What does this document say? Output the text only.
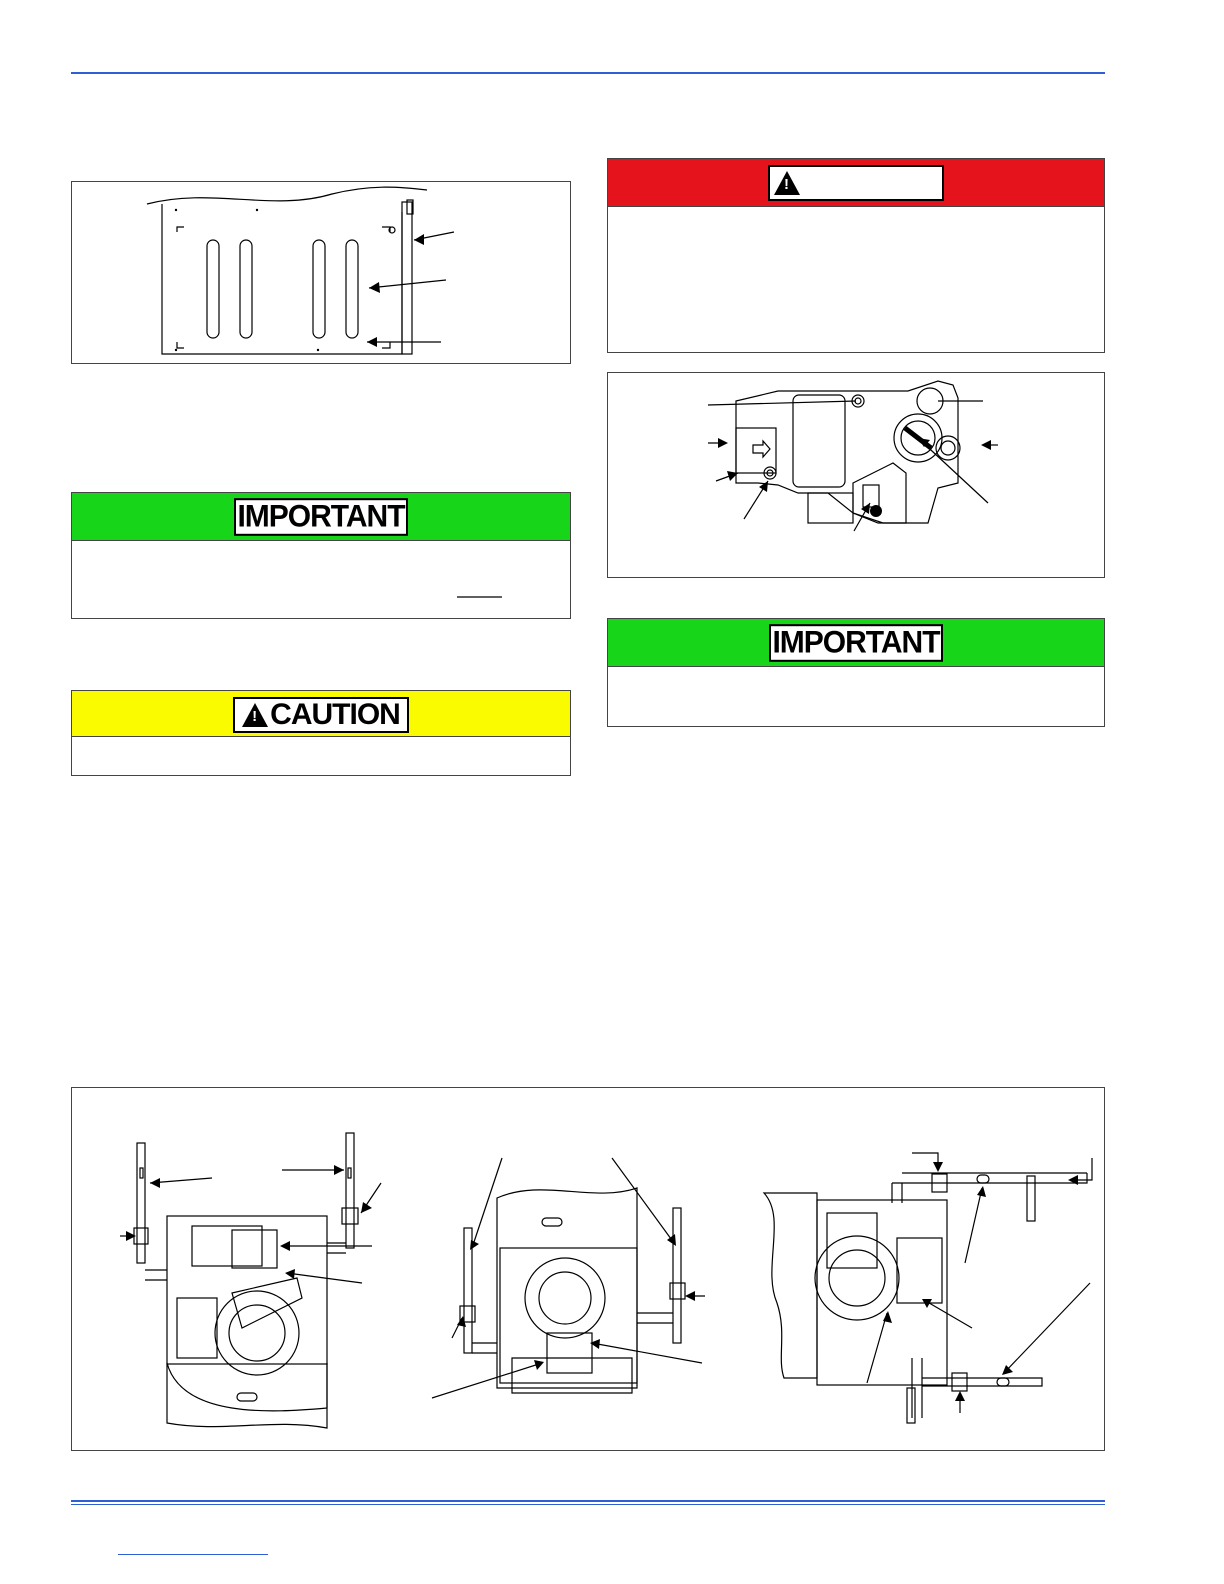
IMPORTANT
!
CAUTION
!
IMPORTANT
